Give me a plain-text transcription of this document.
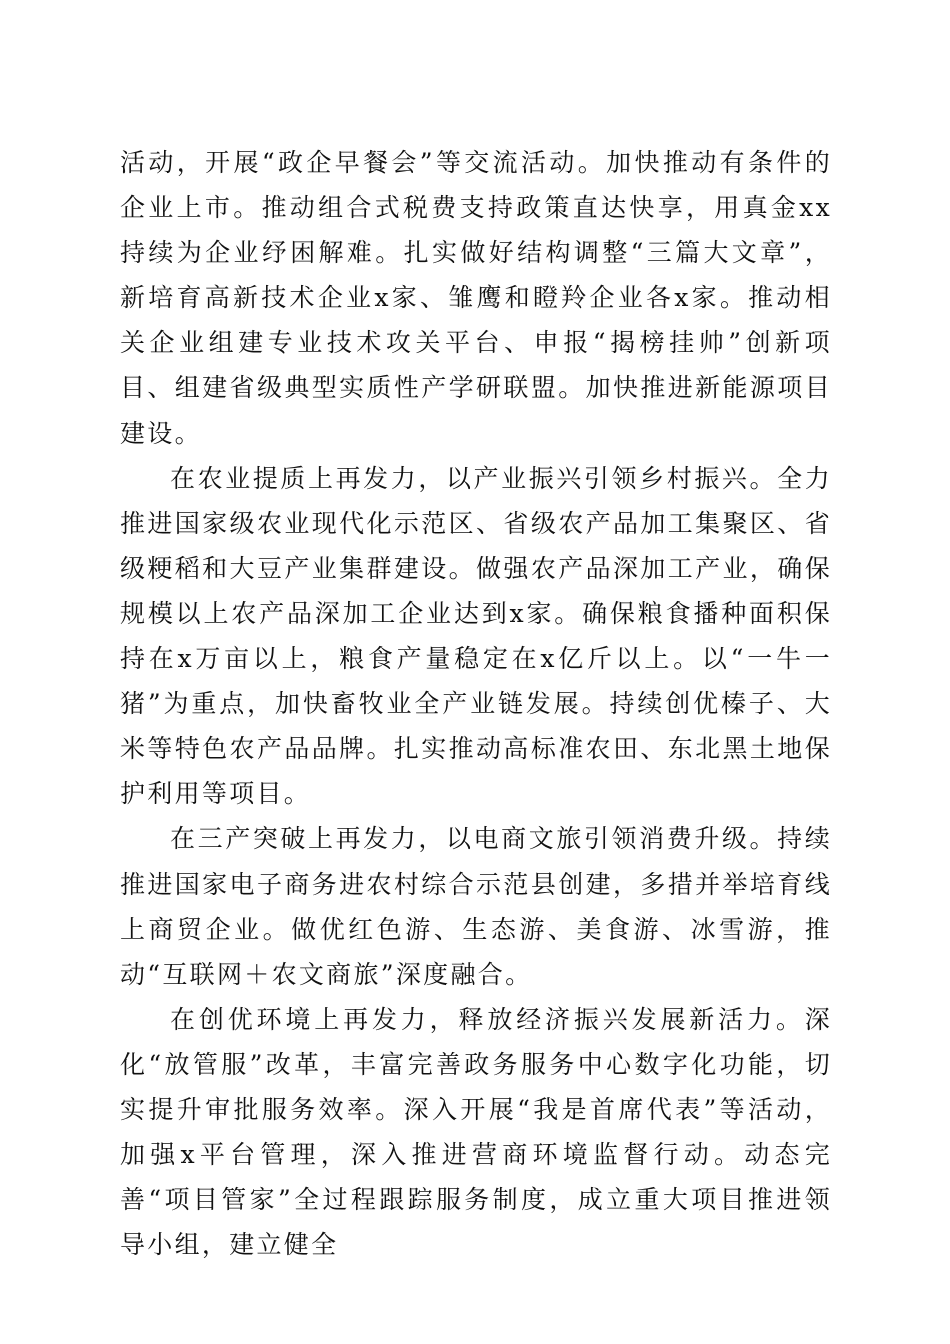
活动，开展“政企早餐会”等交流活动。加快推动有条件的企业上市。推动组合式税费支持政策直达快享，用真金xx持续为企业纾困解难。扎实做好结构调整“三篇大文章”，新培育高新技术企业x家、雏鹰和瞪羚企业各x家。推动相关企业组建专业技术攻关平台、申报“揭榜挂帅”创新项目、组建省级典型实质性产学研联盟。加快推进新能源项目建设。

在农业提质上再发力，以产业振兴引领乡村振兴。全力推进国家级农业现代化示范区、省级农产品加工集聚区、省级粳稻和大豆产业集群建设。做强农产品深加工产业，确保规模以上农产品深加工企业达到x家。确保粮食播种面积保持在x万亩以上，粮食产量稳定在x亿斤以上。以“一牛一猪”为重点，加快畜牧业全产业链发展。持续创优榛子、大米等特色农产品品牌。扎实推动高标准农田、东北黑土地保护利用等项目。

在三产突破上再发力，以电商文旅引领消费升级。持续推进国家电子商务进农村综合示范县创建，多措并举培育线上商贸企业。做优红色游、生态游、美食游、冰雪游，推动“互联网＋农文商旅”深度融合。

在创优环境上再发力，释放经济振兴发展新活力。深化“放管服”改革，丰富完善政务服务中心数字化功能，切实提升审批服务效率。深入开展“我是首席代表”等活动，加强x平台管理，深入推进营商环境监督行动。动态完善“项目管家”全过程跟踪服务制度，成立重大项目推进领导小组，建立健全
